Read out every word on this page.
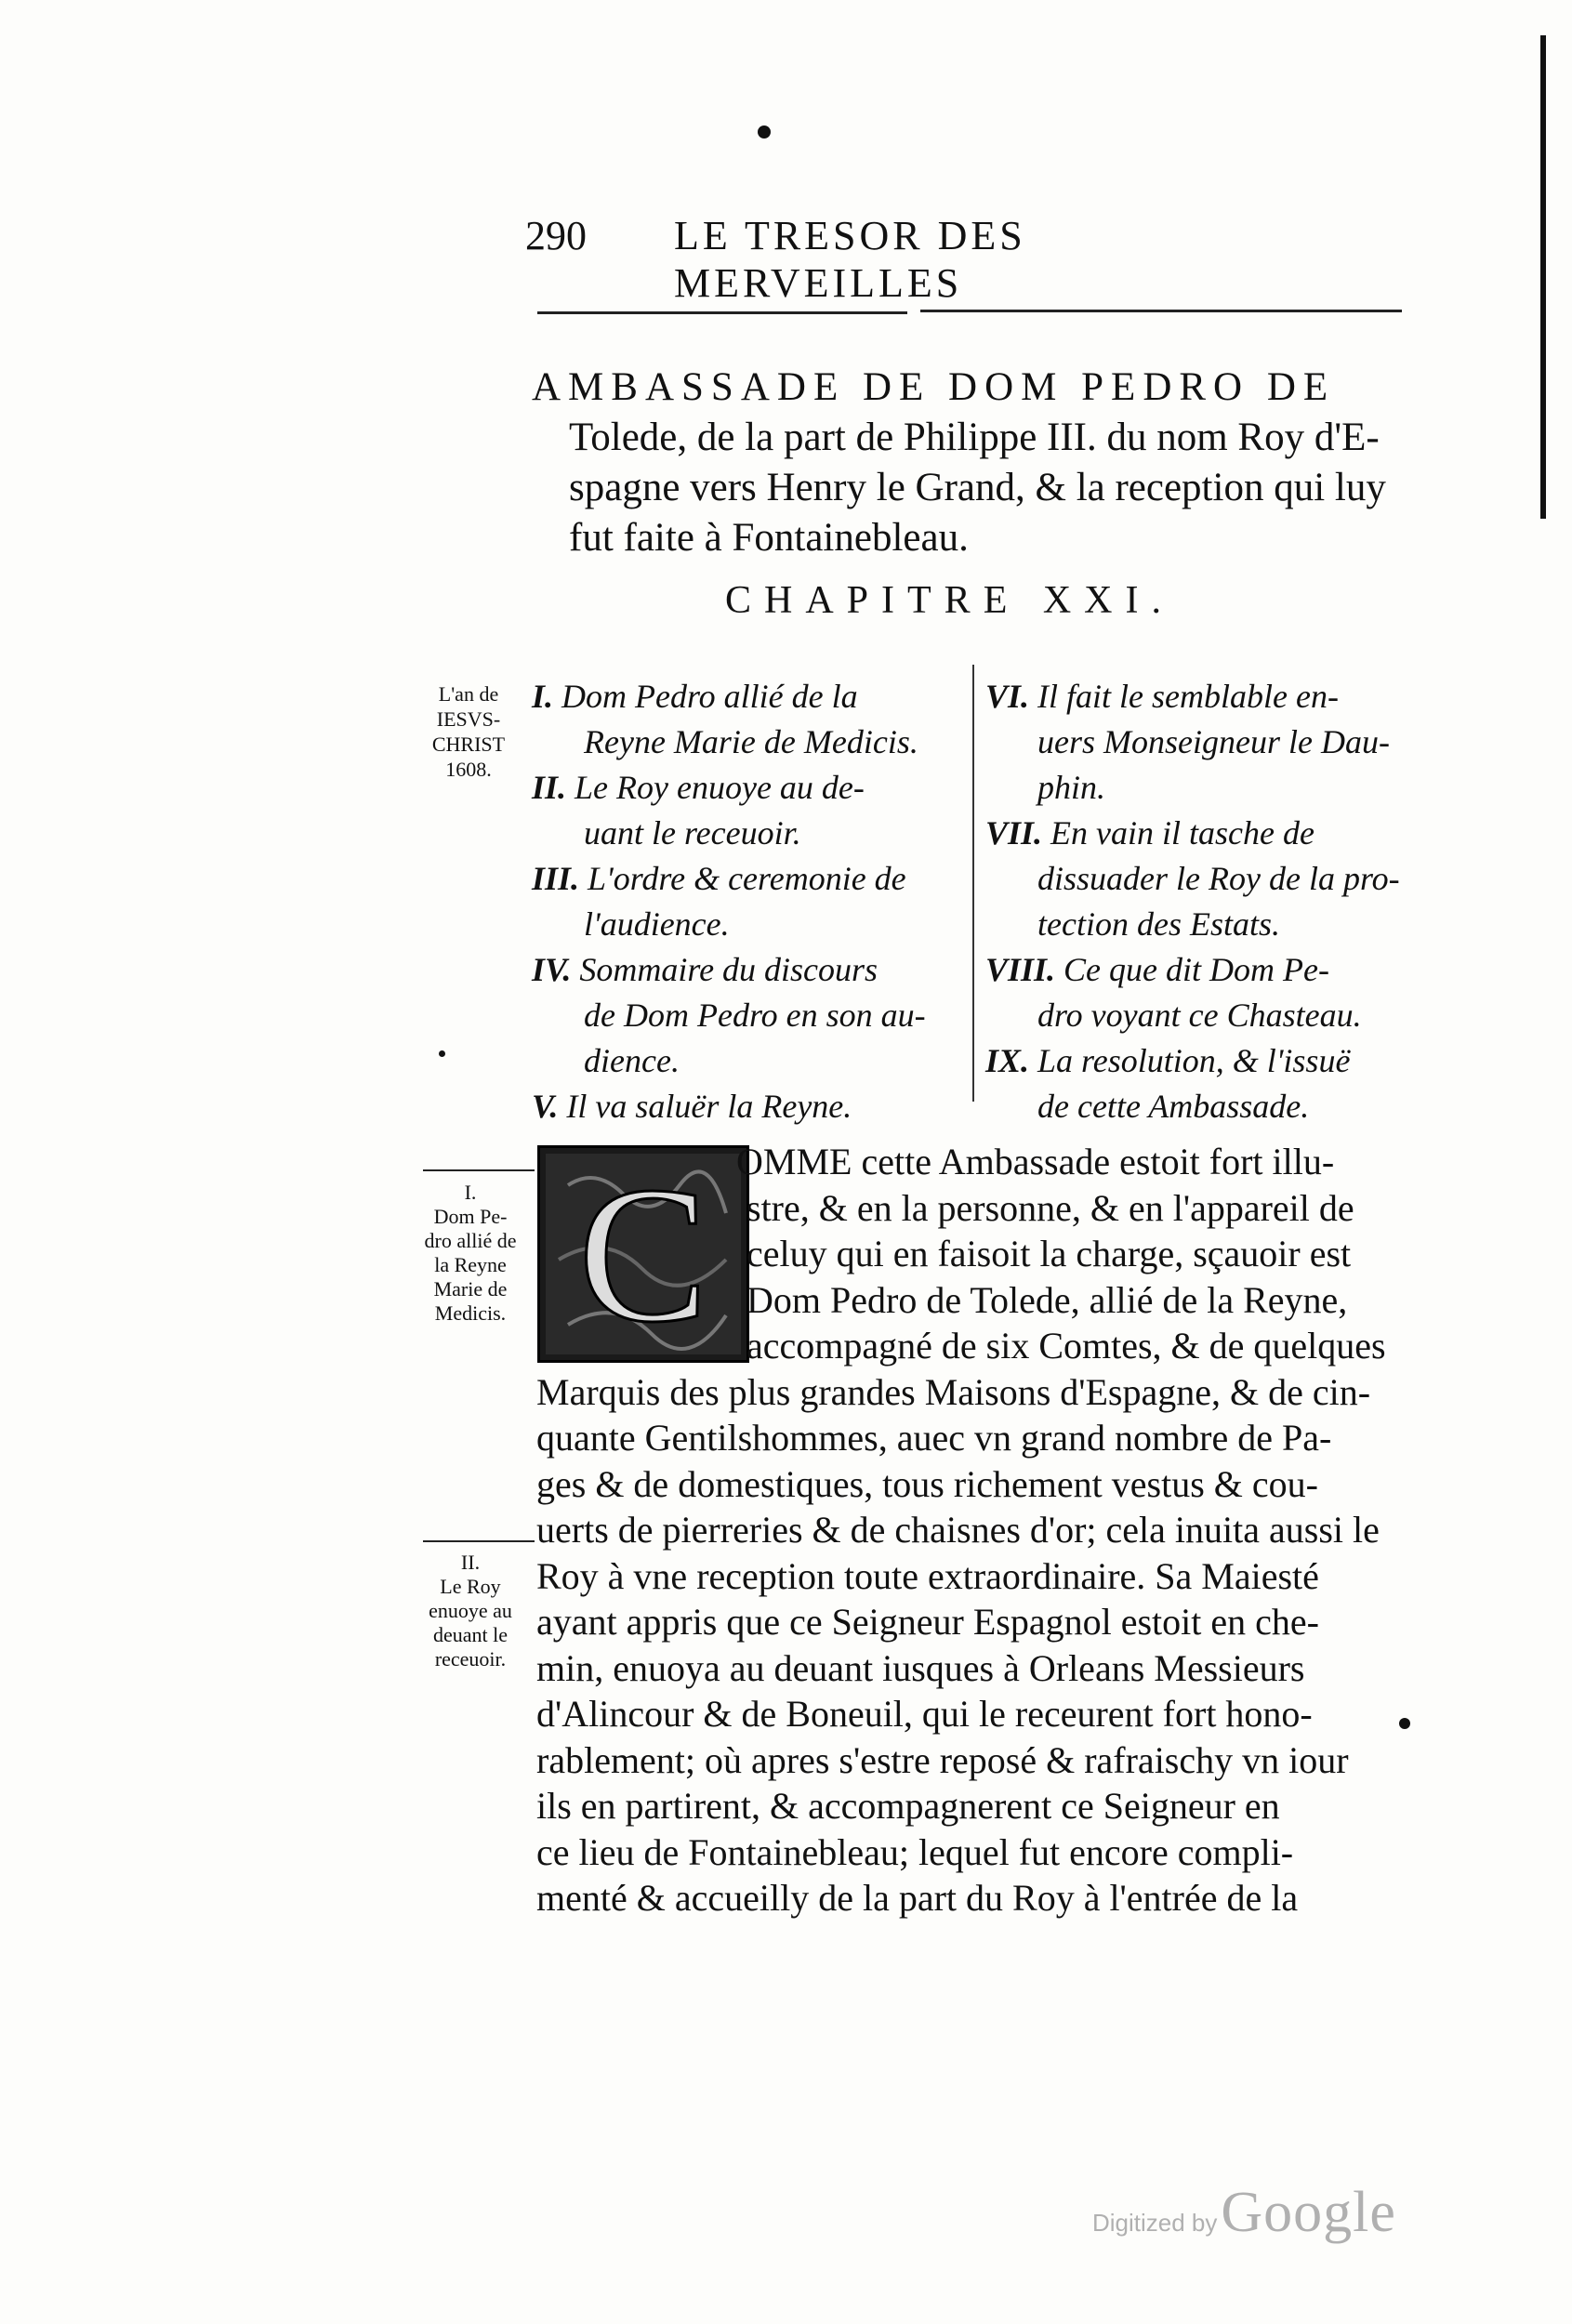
290 LE TRESOR DES MERVEILLES
AMBASSADE DE DOM PEDRO DE
Tolede, de la part de Philippe III. du nom Roy d'E-spagne vers Henry le Grand, & la reception qui luy fut faite à Fontainebleau.
CHAPITRE XXI.
L'an de
IESVS-
CHRIST
1608.
I. Dom Pedro allié de la
Reyne Marie de Medicis.
II. Le Roy enuoye au de-
uant le receuoir.
III. L'ordre & ceremonie de
l'audience.
IV. Sommaire du discours
de Dom Pedro en son au-
dience.
V. Il va saluër la Reyne.
VI. Il fait le semblable en-
uers Monseigneur le Dau-
phin.
VII. En vain il tasche de
dissuader le Roy de la pro-
tection des Estats.
VIII. Ce que dit Dom Pe-
dro voyant ce Chasteau.
IX. La resolution, & l'issuë
de cette Ambassade.
I.
Dom Pe-
dro allié de
la Reyne
Marie de
Medicis.
II.
Le Roy
enuoye au
deuant le
receuoir.
C OMME cette Ambassade estoit fort illu-
stre, & en la personne, & en l'appareil de
celuy qui en faisoit la charge, sçauoir est
Dom Pedro de Tolede, allié de la Reyne,
accompagné de six Comtes, & de quelques
Marquis des plus grandes Maisons d'Espagne, & de cin-
quante Gentilshommes, auec vn grand nombre de Pa-
ges & de domestiques, tous richement vestus & cou-
uerts de pierreries & de chaisnes d'or; cela inuita aussi le
Roy à vne reception toute extraordinaire. Sa Maiesté
ayant appris que ce Seigneur Espagnol estoit en che-
min, enuoya au deuant iusques à Orleans Messieurs
d'Alincour & de Boneuil, qui le receurent fort hono-
rablement; où apres s'estre reposé & rafraischy vn iour
ils en partirent, & accompagnerent ce Seigneur en
ce lieu de Fontainebleau; lequel fut encore compli-
menté & accueilly de la part du Roy à l'entrée de la
Digitized by Google
